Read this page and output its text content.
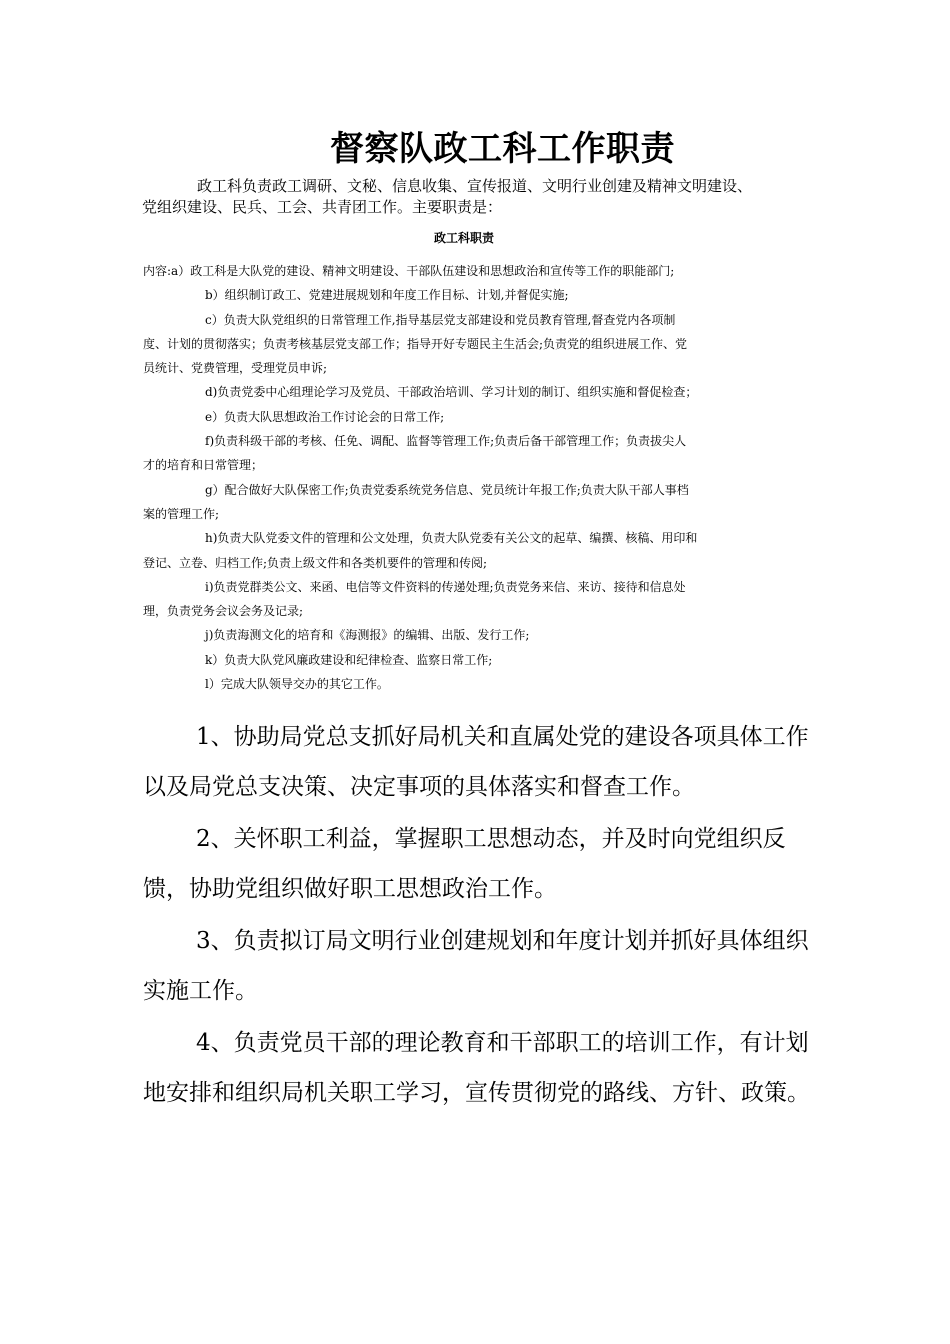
督察队政工科工作职责

政工科负责政工调研、文秘、信息收集、宣传报道、文明行业创建及精神文明建设、

党组织建设、民兵、工会、共青团工作。主要职责是：

政工科职责

内容:a）政工科是大队党的建设、精神文明建设、干部队伍建设和思想政治和宣传等工作的职能部门;

b）组织制订政工、党建进展规划和年度工作目标、计划,并督促实施;

c）负责大队党组织的日常管理工作,指导基层党支部建设和党员教育管理,督查党内各项制

度、计划的贯彻落实；负责考核基层党支部工作；指导开好专题民主生活会;负责党的组织进展工作、党

员统计、党费管理，受理党员申诉;

d)负责党委中心组理论学习及党员、干部政治培训、学习计划的制订、组织实施和督促检查；

e）负责大队思想政治工作讨论会的日常工作;

f)负责科级干部的考核、任免、调配、监督等管理工作;负责后备干部管理工作；负责拔尖人

才的培育和日常管理；

g）配合做好大队保密工作;负责党委系统党务信息、党员统计年报工作;负责大队干部人事档

案的管理工作;

h)负责大队党委文件的管理和公文处理，负责大队党委有关公文的起草、编撰、核稿、用印和

登记、立卷、归档工作;负责上级文件和各类机要件的管理和传阅;

i)负责党群类公文、来函、电信等文件资料的传递处理;负责党务来信、来访、接待和信息处

理，负责党务会议会务及记录;

j)负责海测文化的培育和《海测报》的编辑、出版、发行工作;

k）负责大队党风廉政建设和纪律检查、监察日常工作;

l）完成大队领导交办的其它工作。

1、协助局党总支抓好局机关和直属处党的建设各项具体工作以及局党总支决策、决定事项的具体落实和督查工作。

2、关怀职工利益，掌握职工思想动态，并及时向党组织反馈，协助党组织做好职工思想政治工作。

3、负责拟订局文明行业创建规划和年度计划并抓好具体组织实施工作。

4、负责党员干部的理论教育和干部职工的培训工作，有计划地安排和组织局机关职工学习，宣传贯彻党的路线、方针、政策。
